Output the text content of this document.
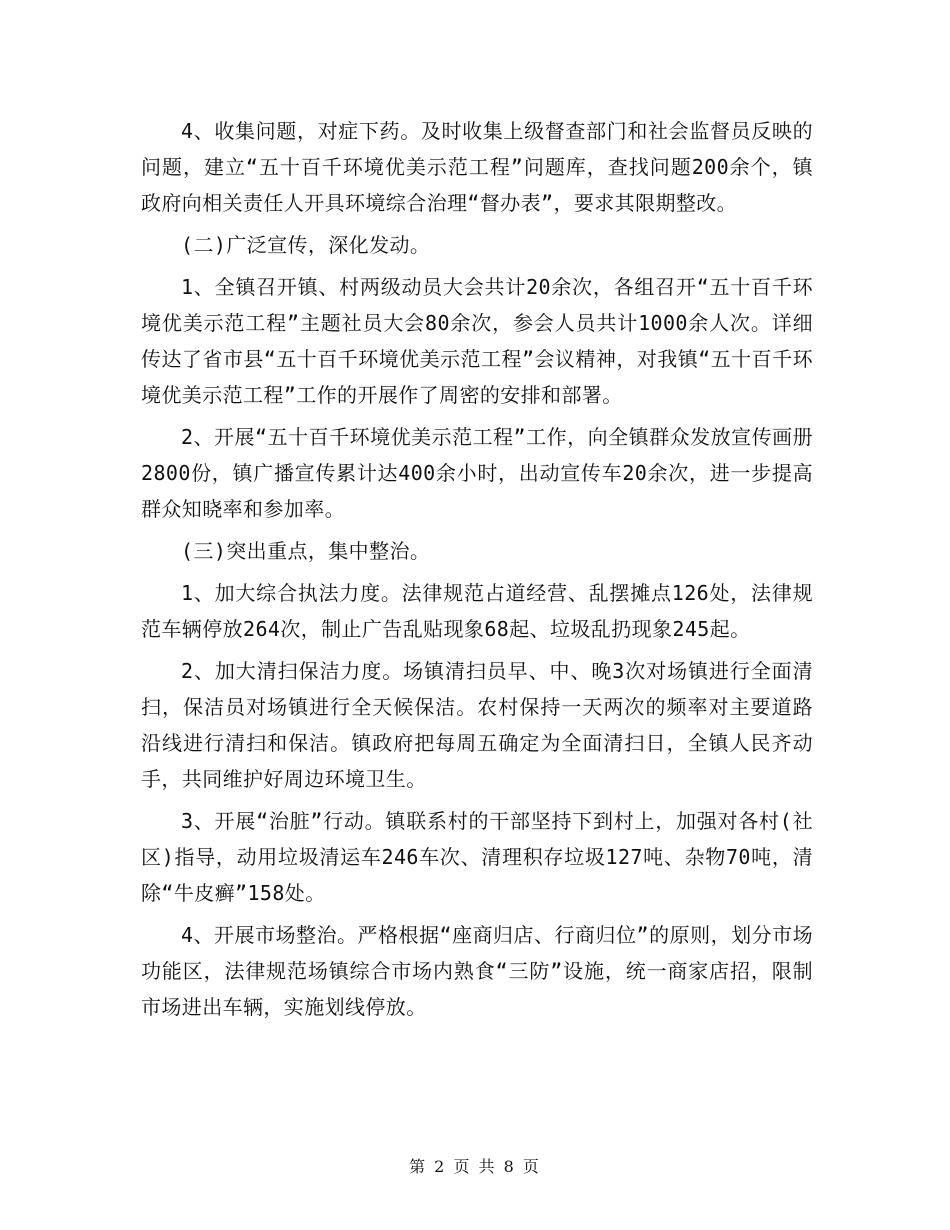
4、收集问题，对症下药。及时收集上级督查部门和社会监督员反映的问题，建立“五十百千环境优美示范工程”问题库，查找问题200余个，镇政府向相关责任人开具环境综合治理“督办表”，要求其限期整改。

(二)广泛宣传，深化发动。

1、全镇召开镇、村两级动员大会共计20余次，各组召开“五十百千环境优美示范工程”主题社员大会80余次，参会人员共计1000余人次。详细传达了省市县“五十百千环境优美示范工程”会议精神，对我镇“五十百千环境优美示范工程”工作的开展作了周密的安排和部署。

2、开展“五十百千环境优美示范工程”工作，向全镇群众发放宣传画册2800份，镇广播宣传累计达400余小时，出动宣传车20余次，进一步提高群众知晓率和参加率。

(三)突出重点，集中整治。

1、加大综合执法力度。法律规范占道经营、乱摆摊点126处，法律规范车辆停放264次，制止广告乱贴现象68起、垃圾乱扔现象245起。

2、加大清扫保洁力度。场镇清扫员早、中、晚3次对场镇进行全面清扫，保洁员对场镇进行全天候保洁。农村保持一天两次的频率对主要道路沿线进行清扫和保洁。镇政府把每周五确定为全面清扫日，全镇人民齐动手，共同维护好周边环境卫生。

3、开展“治脏”行动。镇联系村的干部坚持下到村上，加强对各村(社区)指导，动用垃圾清运车246车次、清理积存垃圾127吨、杂物70吨，清除“牛皮癣”158处。

4、开展市场整治。严格根据“座商归店、行商归位”的原则，划分市场功能区，法律规范场镇综合市场内熟食“三防”设施，统一商家店招，限制市场进出车辆，实施划线停放。

第 2 页 共 8 页
